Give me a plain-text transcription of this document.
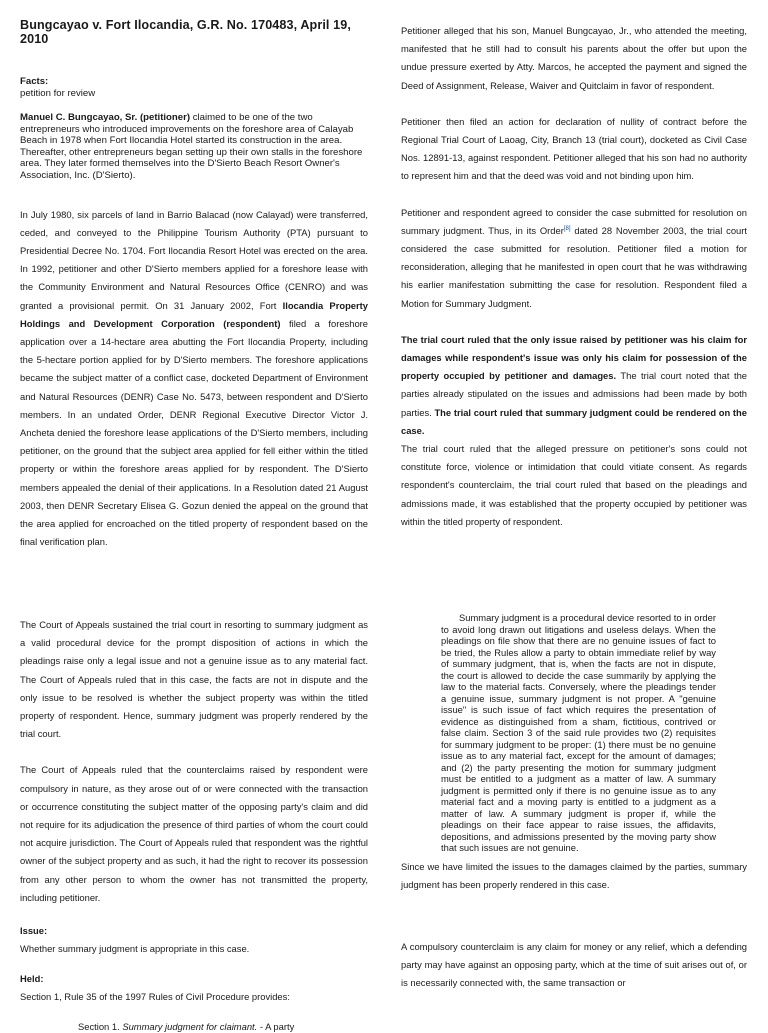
Bungcayao v. Fort Ilocandia, G.R. No. 170483, April 19, 2010

Facts:

petition for review

Manuel C. Bungcayao, Sr. (petitioner) claimed to be one of the two entrepreneurs who introduced improvements on the foreshore area of Calayab Beach in 1978 when Fort Ilocandia Hotel started its construction in the area. Thereafter, other entrepreneurs began setting up their own stalls in the foreshore area. They later formed themselves into the D'Sierto Beach Resort Owner's Association, Inc. (D'Sierto).

In July 1980, six parcels of land in Barrio Balacad (now Calayad) were transferred, ceded, and conveyed to the Philippine Tourism Authority (PTA) pursuant to Presidential Decree No. 1704. Fort Ilocandia Resort Hotel was erected on the area. In 1992, petitioner and other D'Sierto members applied for a foreshore lease with the Community Environment and Natural Resources Office (CENRO) and was granted a provisional permit. On 31 January 2002, Fort Ilocandia Property Holdings and Development Corporation (respondent) filed a foreshore application over a 14-hectare area abutting the Fort Ilocandia Property, including the 5-hectare portion applied for by D'Sierto members. The foreshore applications became the subject matter of a conflict case, docketed Department of Environment and Natural Resources (DENR) Case No. 5473, between respondent and D'Sierto members. In an undated Order, DENR Regional Executive Director Victor J. Ancheta denied the foreshore lease applications of the D'Sierto members, including petitioner, on the ground that the subject area applied for fell either within the titled property or within the foreshore areas applied for by respondent. The D'Sierto members appealed the denial of their applications. In a Resolution dated 21 August 2003, then DENR Secretary Elisea G. Gozun denied the appeal on the ground that the area applied for encroached on the titled property of respondent based on the final verification plan.

Petitioner alleged that his son, Manuel Bungcayao, Jr., who attended the meeting, manifested that he still had to consult his parents about the offer but upon the undue pressure exerted by Atty. Marcos, he accepted the payment and signed the Deed of Assignment, Release, Waiver and Quitclaim in favor of respondent.

Petitioner then filed an action for declaration of nullity of contract before the Regional Trial Court of Laoag, City, Branch 13 (trial court), docketed as Civil Case Nos. 12891-13, against respondent. Petitioner alleged that his son had no authority to represent him and that the deed was void and not binding upon him.

Petitioner and respondent agreed to consider the case submitted for resolution on summary judgment. Thus, in its Order[8] dated 28 November 2003, the trial court considered the case submitted for resolution. Petitioner filed a motion for reconsideration, alleging that he manifested in open court that he was withdrawing his earlier manifestation submitting the case for resolution. Respondent filed a Motion for Summary Judgment.

The trial court ruled that the only issue raised by petitioner was his claim for damages while respondent's issue was only his claim for possession of the property occupied by petitioner and damages. The trial court noted that the parties already stipulated on the issues and admissions had been made by both parties. The trial court ruled that summary judgment could be rendered on the case.

The trial court ruled that the alleged pressure on petitioner's sons could not constitute force, violence or intimidation that could vitiate consent. As regards respondent's counterclaim, the trial court ruled that based on the pleadings and admissions made, it was established that the property occupied by petitioner was within the titled property of respondent.

The Court of Appeals sustained the trial court in resorting to summary judgment as a valid procedural device for the prompt disposition of actions in which the pleadings raise only a legal issue and not a genuine issue as to any material fact. The Court of Appeals ruled that in this case, the facts are not in dispute and the only issue to be resolved is whether the subject property was within the titled property of respondent. Hence, summary judgment was properly rendered by the trial court.

The Court of Appeals ruled that the counterclaims raised by respondent were compulsory in nature, as they arose out of or were connected with the transaction or occurrence constituting the subject matter of the opposing party's claim and did not require for its adjudication the presence of third parties of whom the court could not acquire jurisdiction. The Court of Appeals ruled that respondent was the rightful owner of the subject property and as such, it had the right to recover its possession from any other person to whom the owner has not transmitted the property, including petitioner.

Issue:

Whether summary judgment is appropriate in this case.

Held:

Section 1, Rule 35 of the 1997 Rules of Civil Procedure provides:

Section 1. Summary judgment for claimant. - A party

Summary judgment is a procedural device resorted to in order to avoid long drawn out litigations and useless delays. When the pleadings on file show that there are no genuine issues of fact to be tried, the Rules allow a party to obtain immediate relief by way of summary judgment, that is, when the facts are not in dispute, the court is allowed to decide the case summarily by applying the law to the material facts. Conversely, where the pleadings tender a genuine issue, summary judgment is not proper. A "genuine issue" is such issue of fact which requires the presentation of evidence as distinguished from a sham, fictitious, contrived or false claim. Section 3 of the said rule provides two (2) requisites for summary judgment to be proper: (1) there must be no genuine issue as to any material fact, except for the amount of damages; and (2) the party presenting the motion for summary judgment must be entitled to a judgment as a matter of law. A summary judgment is permitted only if there is no genuine issue as to any material fact and a moving party is entitled to a judgment as a matter of law. A summary judgment is proper if, while the pleadings on their face appear to raise issues, the affidavits, depositions, and admissions presented by the moving party show that such issues are not genuine.

Since we have limited the issues to the damages claimed by the parties, summary judgment has been properly rendered in this case.

A compulsory counterclaim is any claim for money or any relief, which a defending party may have against an opposing party, which at the time of suit arises out of, or is necessarily connected with, the same transaction or
